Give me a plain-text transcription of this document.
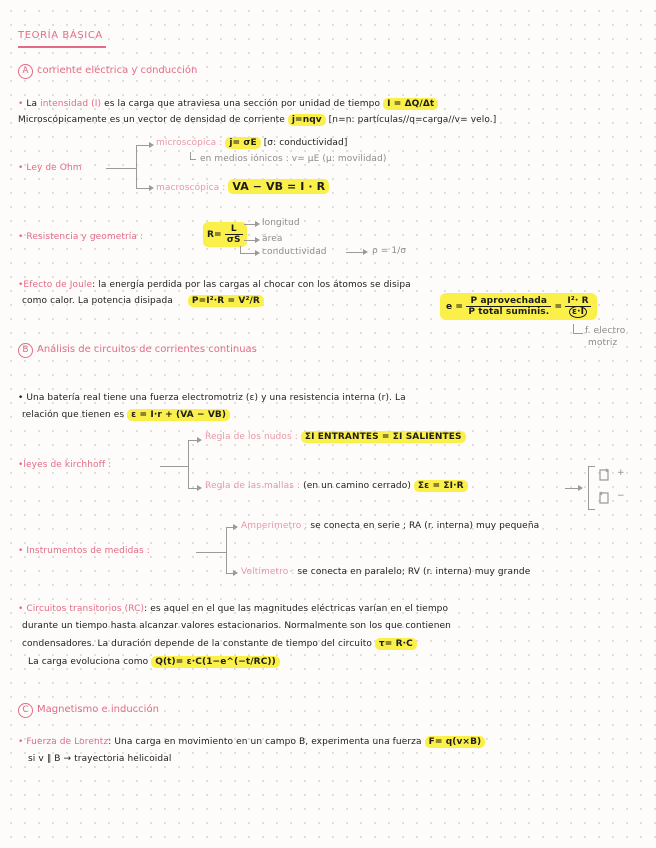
TEORÍA BÁSICA
A corriente eléctrica y conducción
• La intensidad (I) es la carga que atraviesa una sección por unidad de tiempo I = ΔQ/Δt
Microscópicamente es un vector de densidad de corriente j=nqv [n=n: partículas//q=carga//v= velo.]
• Ley de Ohm
microscópica : j= σE [σ: conductividad]
en medios iónicos : v= μE (μ: movilidad)
macroscópica : VA − VB = I · R
• Resistencia y geometría :	$R= \frac{L}{\sigma S}$
longitud
área
conductividad	ρ = 1/σ
•Efecto de Joule: la energía perdida por las cargas al chocar con los átomos se disipa
como calor. La potencia disipada P=I²·R = V²/R
$e = \frac{\text{P aprovechada}}{\text{P total suminis.}} = \frac{\text{I²· R}}{\varepsilon\cdot I}$
f. electro
motriz
B Análisis de circuitos de corrientes continuas
• Una batería real tiene una fuerza electromotriz (ε) y una resistencia interna (r). La
relación que tienen es ε = I·r + (VA − VB)
•leyes de kirchhoff :
Regla de los nudos : ΣI ENTRANTES = ΣI SALIENTES
Regla de las mallas : (en un camino cerrado) Σε = ΣI·R
+
−
• Instrumentos de medidas :
Amperímetro : se conecta en serie ; RA (r. interna) muy pequeña
Voltímetro : se conecta en paralelo; RV (r. interna) muy grande
• Circuitos transitorios (RC): es aquel en el que las magnitudes eléctricas varían en el tiempo
durante un tiempo hasta alcanzar valores estacionarios. Normalmente son los que contienen
condensadores. La duración depende de la constante de tiempo del circuito τ= R·C
La carga evoluciona como Q(t)= ε·C(1−e^(−t/RC))
C Magnetismo e inducción
• Fuerza de Lorentz: Una carga en movimiento en un campo B, experimenta una fuerza F= q(v×B)
si v ∥ B → trayectoria helicoidal
